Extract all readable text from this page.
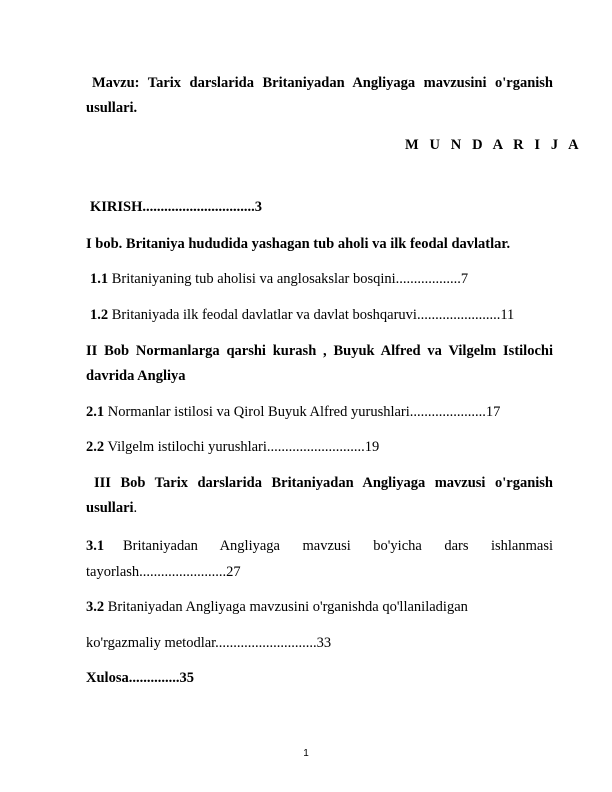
Mavzu: Tarix darslarida Britaniyadan Angliyaga mavzusini o'rganish
usullari.
M U N D A R I J A
KIRISH...............................3
I bob. Britaniya hududida yashagan tub aholi va ilk feodal davlatlar.
1.1 Britaniyaning tub aholisi va anglosakslar bosqini..................7
1.2 Britaniyada ilk feodal davlatlar va davlat boshqaruvi.......................11
II Bob Normanlarga qarshi kurash , Buyuk Alfred va Vilgelm Istilochi
davrida Angliya
2.1 Normanlar istilosi va Qirol Buyuk Alfred yurushlari.....................17
2.2 Vilgelm istilochi yurushlari...........................19
III Bob Tarix darslarida Britaniyadan Angliyaga mavzusi o'rganish
usullari.
3.1 Britaniyadan Angliyaga mavzusi bo'yicha dars ishlanmasi
tayorlash........................27
3.2 Britaniyadan Angliyaga mavzusini o'rganishda qo'llaniladigan
ko'rgazmaliy metodlar............................33
Xulosa..............35
1
